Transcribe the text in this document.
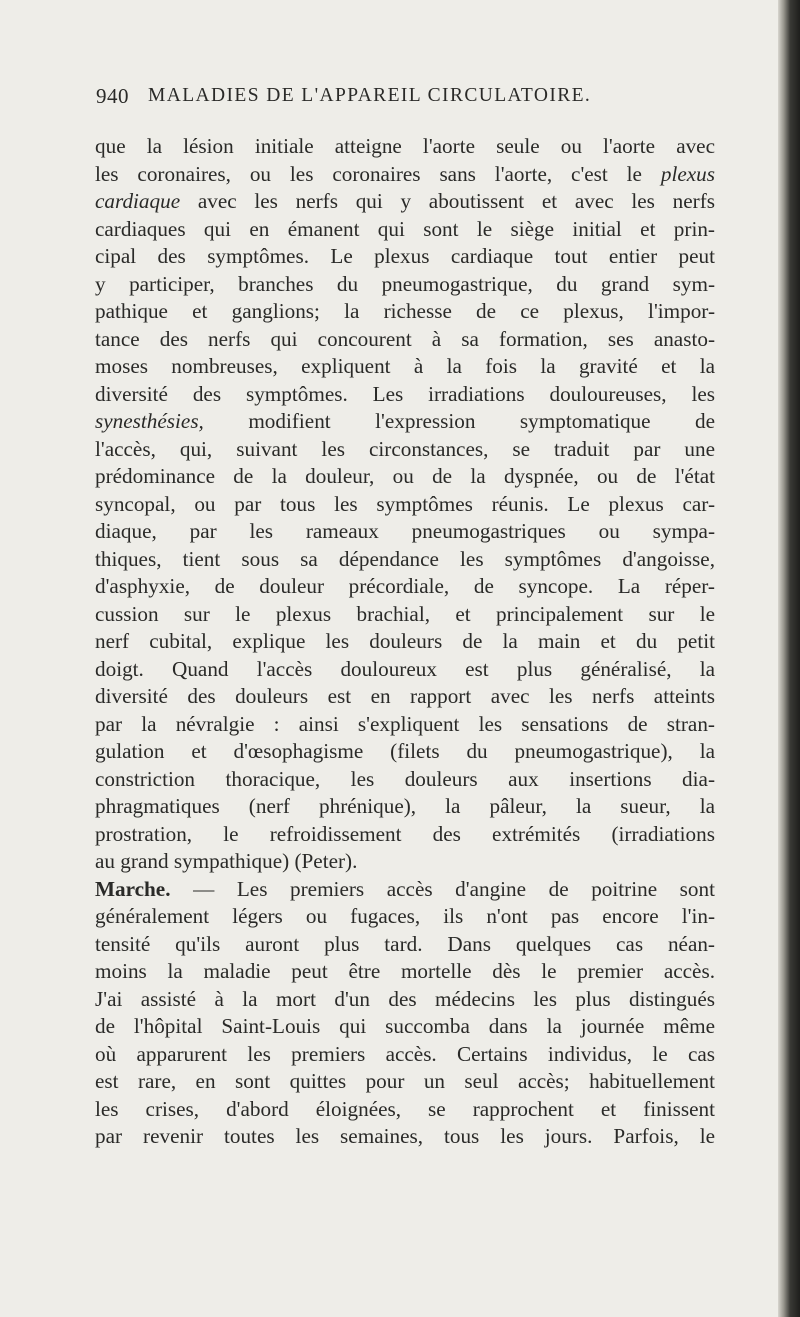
940 MALADIES DE L'APPAREIL CIRCULATOIRE.
que la lésion initiale atteigne l'aorte seule ou l'aorte avec
les coronaires, ou les coronaires sans l'aorte, c'est le plexus
cardiaque avec les nerfs qui y aboutissent et avec les nerfs
cardiaques qui en émanent qui sont le siège initial et prin-
cipal des symptômes. Le plexus cardiaque tout entier peut
y participer, branches du pneumogastrique, du grand sym-
pathique et ganglions; la richesse de ce plexus, l'impor-
tance des nerfs qui concourent à sa formation, ses anasto-
moses nombreuses, expliquent à la fois la gravité et la
diversité des symptômes. Les irradiations douloureuses, les
synesthésies, modifient l'expression symptomatique de
l'accès, qui, suivant les circonstances, se traduit par une
prédominance de la douleur, ou de la dyspnée, ou de l'état
syncopal, ou par tous les symptômes réunis. Le plexus car-
diaque, par les rameaux pneumogastriques ou sympa-
thiques, tient sous sa dépendance les symptômes d'angoisse,
d'asphyxie, de douleur précordiale, de syncope. La réper-
cussion sur le plexus brachial, et principalement sur le
nerf cubital, explique les douleurs de la main et du petit
doigt. Quand l'accès douloureux est plus généralisé, la
diversité des douleurs est en rapport avec les nerfs atteints
par la névralgie : ainsi s'expliquent les sensations de stran-
gulation et d'œsophagisme (filets du pneumogastrique), la
constriction thoracique, les douleurs aux insertions dia-
phragmatiques (nerf phrénique), la pâleur, la sueur, la
prostration, le refroidissement des extrémités (irradiations
au grand sympathique) (Peter).
Marche. — Les premiers accès d'angine de poitrine sont
généralement légers ou fugaces, ils n'ont pas encore l'in-
tensité qu'ils auront plus tard. Dans quelques cas néan-
moins la maladie peut être mortelle dès le premier accès.
J'ai assisté à la mort d'un des médecins les plus distingués
de l'hôpital Saint-Louis qui succomba dans la journée même
où apparurent les premiers accès. Certains individus, le cas
est rare, en sont quittes pour un seul accès; habituellement
les crises, d'abord éloignées, se rapprochent et finissent
par revenir toutes les semaines, tous les jours. Parfois, le
